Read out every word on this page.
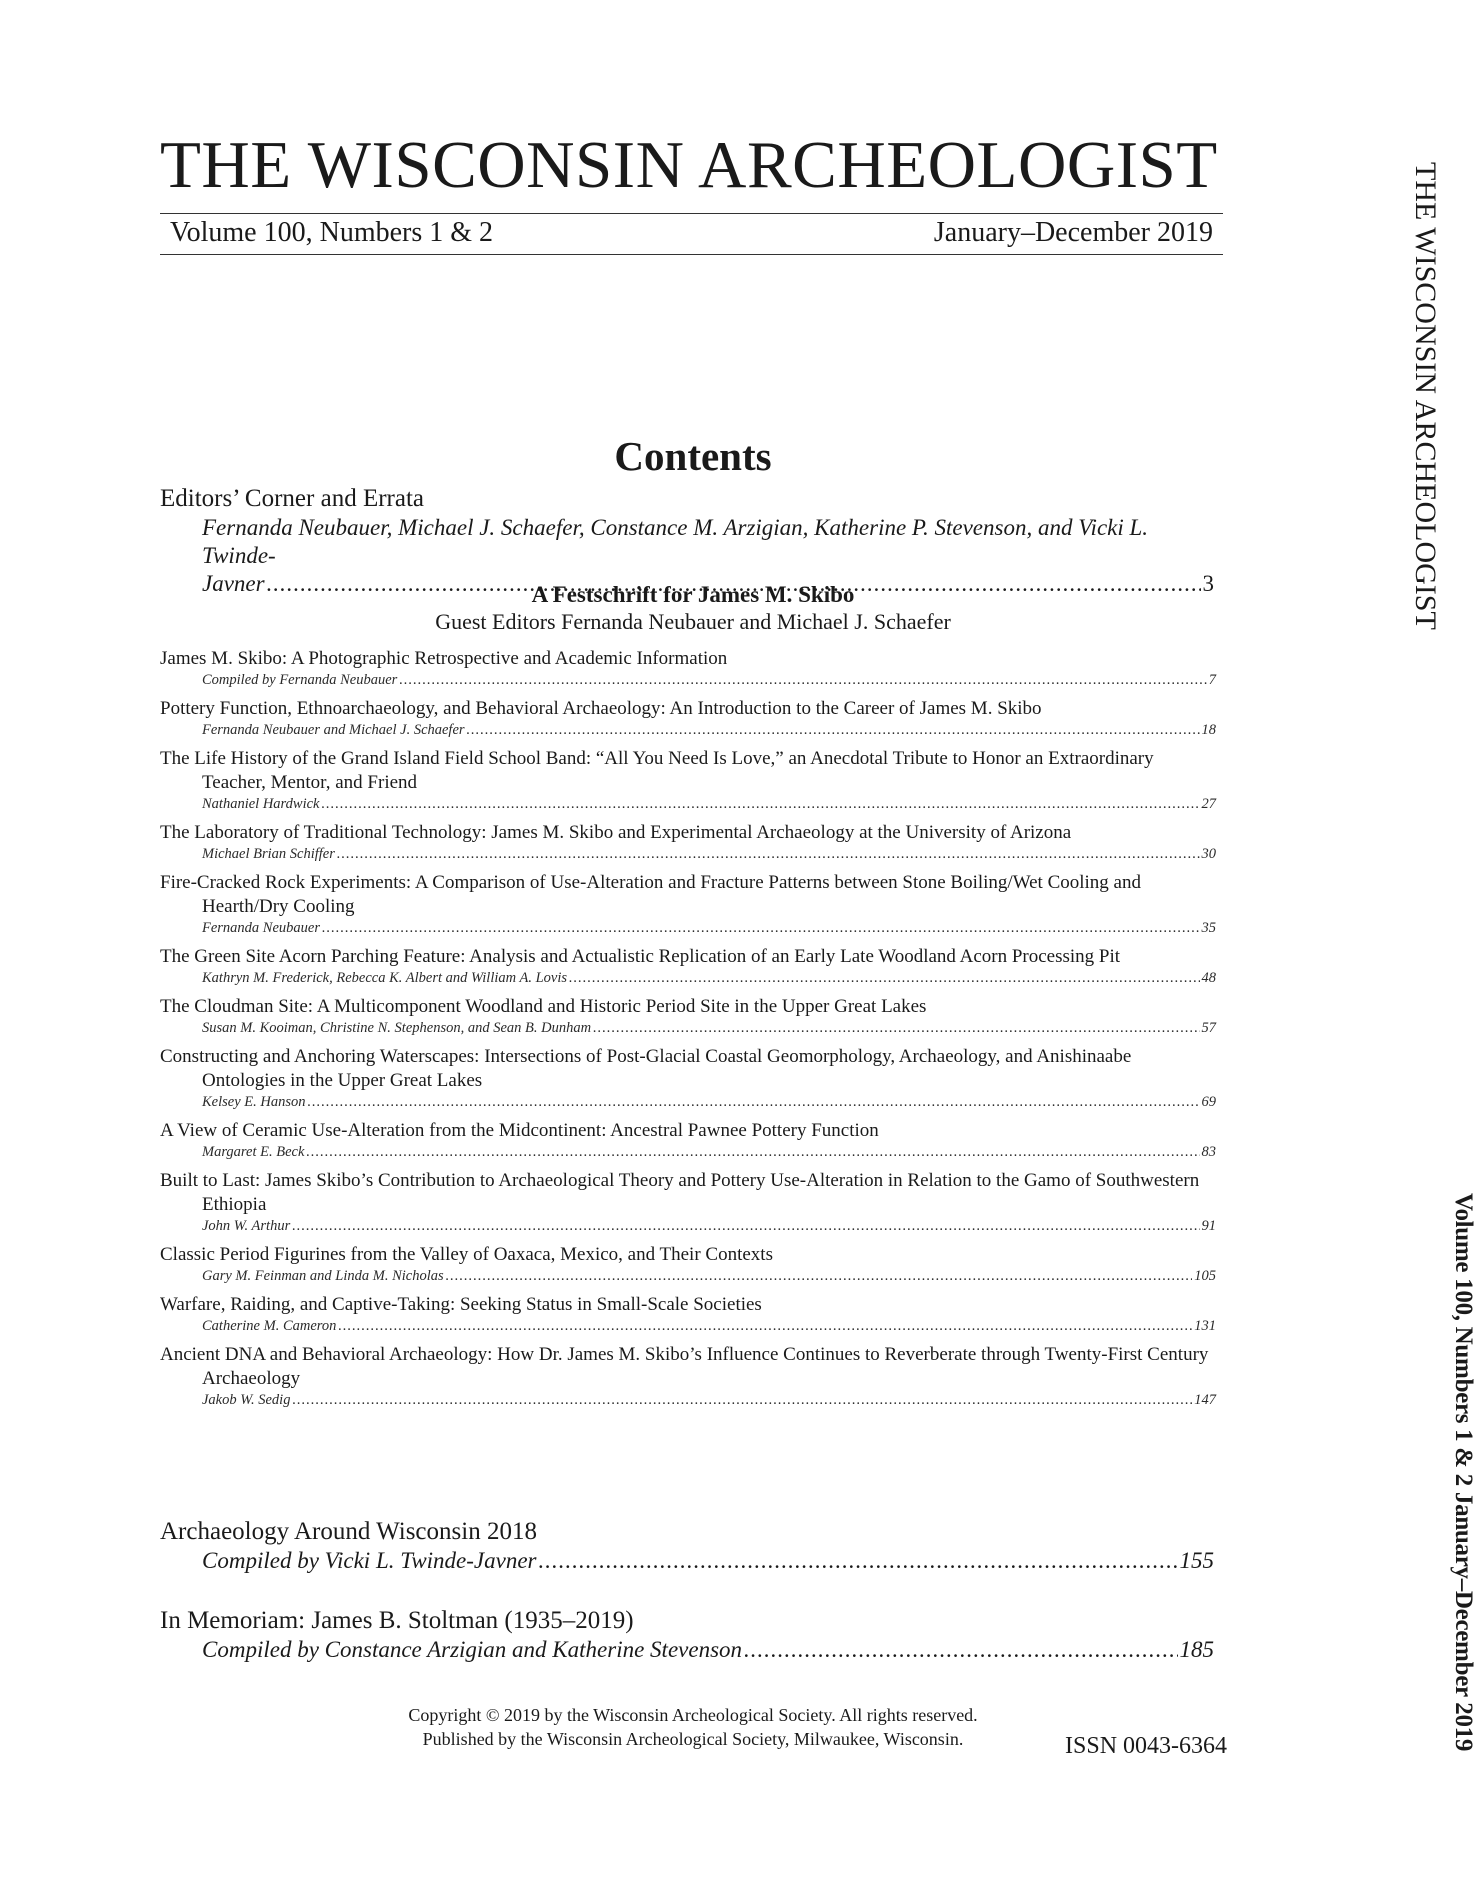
THE WISCONSIN ARCHEOLOGIST
Volume 100, Numbers 1 & 2	January–December 2019	THE WISCONSIN ARCHEOLOGIST
Volume 100, Numbers 1 & 2 January–December 2019
Contents
Editors’ Corner and Errata
Fernanda Neubauer, Michael J. Schaefer, Constance M. Arzigian, Katherine P. Stevenson, and Vicki L. Twinde-
Javner .....	3
A Festschrift for James M. Skibo
Guest Editors Fernanda Neubauer and Michael J. Schaefer
James M. Skibo: A Photographic Retrospective and Academic Information
Compiled by Fernanda Neubauer .....	7
Pottery Function, Ethnoarchaeology, and Behavioral Archaeology: An Introduction to the Career of James M. Skibo
Fernanda Neubauer and Michael J. Schaefer .....	18
The Life History of the Grand Island Field School Band: “All You Need Is Love,” an Anecdotal Tribute to Honor an Extraordinary Teacher, Mentor, and Friend
Nathaniel Hardwick .....	27
The Laboratory of Traditional Technology: James M. Skibo and Experimental Archaeology at the University of Arizona
Michael Brian Schiffer .....	30
Fire-Cracked Rock Experiments: A Comparison of Use-Alteration and Fracture Patterns between Stone Boiling/Wet Cooling and Hearth/Dry Cooling
Fernanda Neubauer .....	35
The Green Site Acorn Parching Feature: Analysis and Actualistic Replication of an Early Late Woodland Acorn Processing Pit
Kathryn M. Frederick, Rebecca K. Albert and William A. Lovis .....	48
The Cloudman Site: A Multicomponent Woodland and Historic Period Site in the Upper Great Lakes
Susan M. Kooiman, Christine N. Stephenson, and Sean B. Dunham .....	57
Constructing and Anchoring Waterscapes: Intersections of Post-Glacial Coastal Geomorphology, Archaeology, and Anishinaabe Ontologies in the Upper Great Lakes
Kelsey E. Hanson .....	69
A View of Ceramic Use-Alteration from the Midcontinent: Ancestral Pawnee Pottery Function
Margaret E. Beck .....	83
Built to Last: James Skibo’s Contribution to Archaeological Theory and Pottery Use-Alteration in Relation to the Gamo of Southwestern Ethiopia
John W. Arthur .....	91
Classic Period Figurines from the Valley of Oaxaca, Mexico, and Their Contexts
Gary M. Feinman and Linda M. Nicholas .....	105
Warfare, Raiding, and Captive-Taking: Seeking Status in Small-Scale Societies
Catherine M. Cameron .....	131
Ancient DNA and Behavioral Archaeology: How Dr. James M. Skibo’s Influence Continues to Reverberate through Twenty-First Century Archaeology
Jakob W. Sedig .....	147
Archaeology Around Wisconsin 2018
Compiled by Vicki L. Twinde-Javner .....	155
In Memoriam: James B. Stoltman (1935–2019)
Compiled by Constance Arzigian and Katherine Stevenson .....	185
Copyright © 2019 by the Wisconsin Archeological Society. All rights reserved.
Published by the Wisconsin Archeological Society, Milwaukee, Wisconsin.	ISSN 0043-6364
